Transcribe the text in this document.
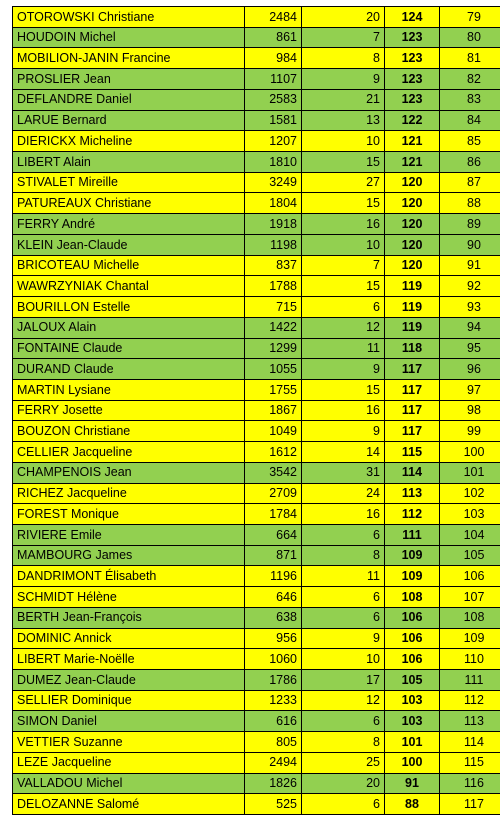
OTOROWSKI Christiane	2484	20	124	79
HOUDOIN Michel	861	7	123	80
MOBILION-JANIN Francine	984	8	123	81
PROSLIER Jean	1107	9	123	82
DEFLANDRE Daniel	2583	21	123	83
LARUE Bernard	1581	13	122	84
DIERICKX Micheline	1207	10	121	85
LIBERT Alain	1810	15	121	86
STIVALET Mireille	3249	27	120	87
PATUREAUX Christiane	1804	15	120	88
FERRY André	1918	16	120	89
KLEIN Jean-Claude	1198	10	120	90
BRICOTEAU Michelle	837	7	120	91
WAWRZYNIAK Chantal	1788	15	119	92
BOURILLON Estelle	715	6	119	93
JALOUX Alain	1422	12	119	94
FONTAINE Claude	1299	11	118	95
DURAND Claude	1055	9	117	96
MARTIN Lysiane	1755	15	117	97
FERRY Josette	1867	16	117	98
BOUZON Christiane	1049	9	117	99
CELLIER Jacqueline	1612	14	115	100
CHAMPENOIS Jean	3542	31	114	101
RICHEZ Jacqueline	2709	24	113	102
FOREST Monique	1784	16	112	103
RIVIERE Emile	664	6	111	104
MAMBOURG James	871	8	109	105
DANDRIMONT Élisabeth	1196	11	109	106
SCHMIDT Hélène	646	6	108	107
BERTH Jean-François	638	6	106	108
DOMINIC Annick	956	9	106	109
LIBERT Marie-Noëlle	1060	10	106	110
DUMEZ Jean-Claude	1786	17	105	111
SELLIER Dominique	1233	12	103	112
SIMON Daniel	616	6	103	113
VETTIER Suzanne	805	8	101	114
LEZE Jacqueline	2494	25	100	115
VALLADOU Michel	1826	20	91	116
DELOZANNE Salomé	525	6	88	117
